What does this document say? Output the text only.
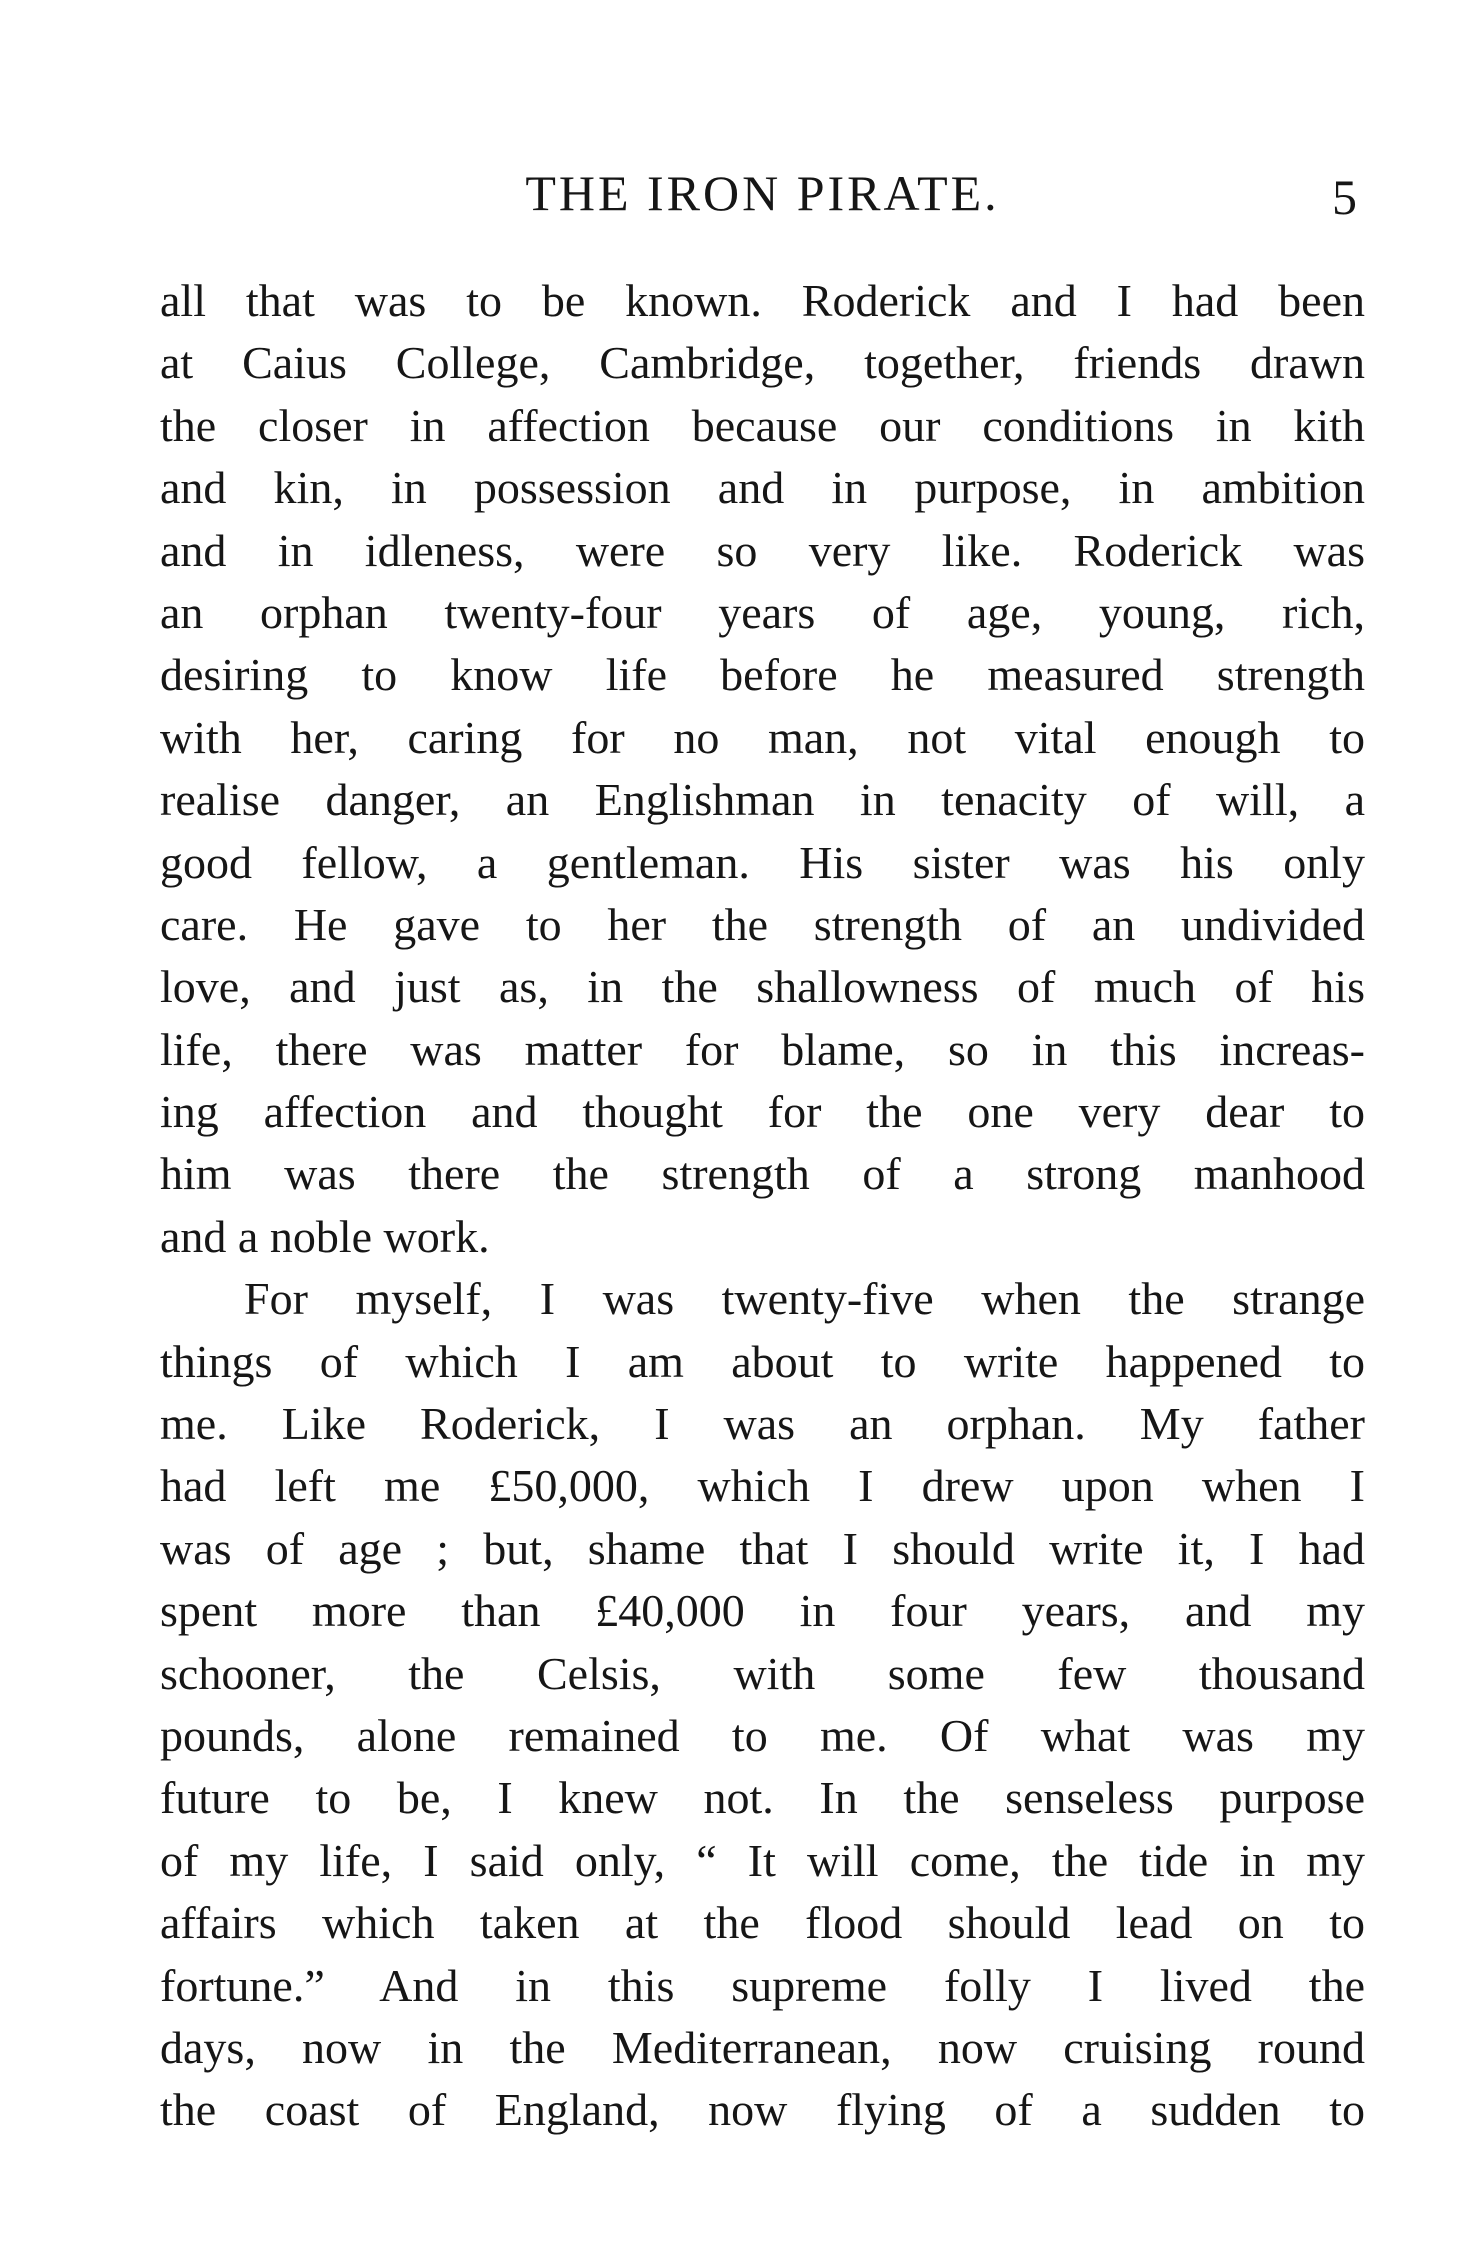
THE IRON PIRATE.	5
all that was to be known. Roderick and I had been
at Caius College, Cambridge, together, friends drawn
the closer in affection because our conditions in kith
and kin, in possession and in purpose, in ambition
and in idleness, were so very like. Roderick was
an orphan twenty-four years of age, young, rich,
desiring to know life before he measured strength
with her, caring for no man, not vital enough to
realise danger, an Englishman in tenacity of will, a
good fellow, a gentleman. His sister was his only
care. He gave to her the strength of an undivided
love, and just as, in the shallowness of much of his
life, there was matter for blame, so in this increas-
ing affection and thought for the one very dear to
him was there the strength of a strong manhood
and a noble work.
For myself, I was twenty-five when the strange
things of which I am about to write happened to
me. Like Roderick, I was an orphan. My father
had left me £50,000, which I drew upon when I
was of age ; but, shame that I should write it, I had
spent more than £40,000 in four years, and my
schooner, the Celsis, with some few thousand
pounds, alone remained to me. Of what was my
future to be, I knew not. In the senseless purpose
of my life, I said only, “ It will come, the tide in my
affairs which taken at the flood should lead on to
fortune.” And in this supreme folly I lived the
days, now in the Mediterranean, now cruising round
the coast of England, now flying of a sudden to
